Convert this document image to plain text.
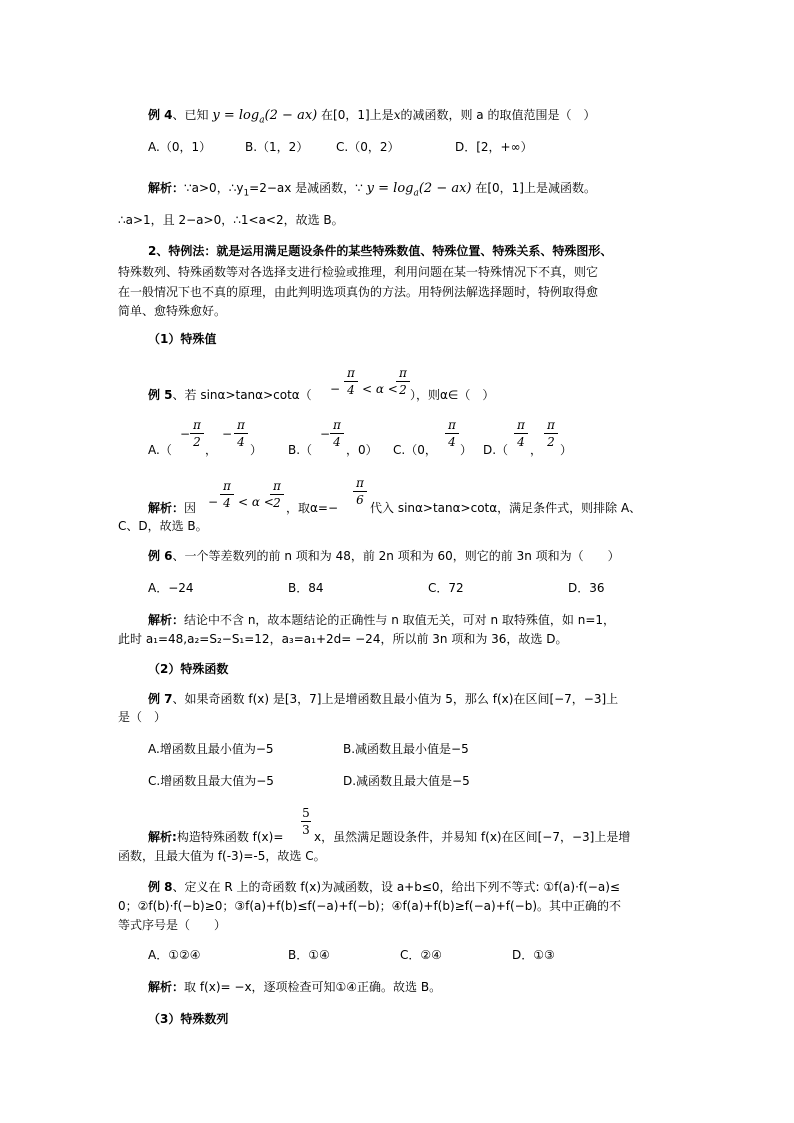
例 4、已知 $y = \log_a(2 - ax)$ 在[0，1]上是x的减函数，则 a 的取值范围是（　）
A.（0，1）	B.（1，2） C.（0，2）	D．[2，+∞）
解析：∵a>0，$\therefore y_1=2-ax$ 是减函数，∵ $y = \log_a(2 - ax)$ 在[0，1]上是减函数。
∴a>1，且 2−a>0，∴1<a<2，故选 B。
2、特例法：就是运用满足题设条件的某些特殊数值、特殊位置、特殊关系、特殊图形、
特殊数列、特殊函数等对各选择支进行检验或推理，利用问题在某一特殊情况下不真，则它
在一般情况下也不真的原理，由此判明选项真伪的方法。用特例法解选择题时，特例取得愈
简单、愈特殊愈好。
（1）特殊值
例 5、若 sinα>tanα>cotα（ −
π
4 < α <
π
2 ），则α∈（　）
A.（
−
π
2
，
−
π
4
） B.（
−
π
4
，0） C.（0，
π
4
） D.（
π
4
，
π
2
）
解析：因 −
π
4 < α <
π
2 ，取α=−
π
6
代入 sinα>tanα>cotα，满足条件式，则排除 A、
C、D，故选 B。
例 6、一个等差数列的前 n 项和为 48，前 2n 项和为 60，则它的前 3n 项和为（　　）
A．−24	B．84	C．72	D．36
解析：结论中不含 n，故本题结论的正确性与 n 取值无关，可对 n 取特殊值，如 n=1，
此时 a₁=48,a₂=S₂−S₁=12，a₃=a₁+2d= −24，所以前 3n 项和为 36，故选 D。
（2）特殊函数
例 7、如果奇函数 f(x) 是[3，7]上是增函数且最小值为 5，那么 f(x)在区间[−7，−3]上
是（　）
A.增函数且最小值为−5	B.减函数且最小值是−5
C.增函数且最大值为−5	D.减函数且最大值是−5
解析:构造特殊函数 f(x)=
5
3 x，虽然满足题设条件，并易知 f(x)在区间[−7，−3]上是增
函数，且最大值为 f(-3)=-5，故选 C。
例 8、定义在 R 上的奇函数 f(x)为减函数，设 a+b≤0，给出下列不等式: ①f(a)·f(−a)≤
0；②f(b)·f(−b)≥0；③f(a)+f(b)≤f(−a)+f(−b)；④f(a)+f(b)≥f(−a)+f(−b)。其中正确的不
等式序号是（　　）
A．①②④	B．①④	C．②④	D．①③
解析：取 f(x)= −x，逐项检查可知①④正确。故选 B。
（3）特殊数列
